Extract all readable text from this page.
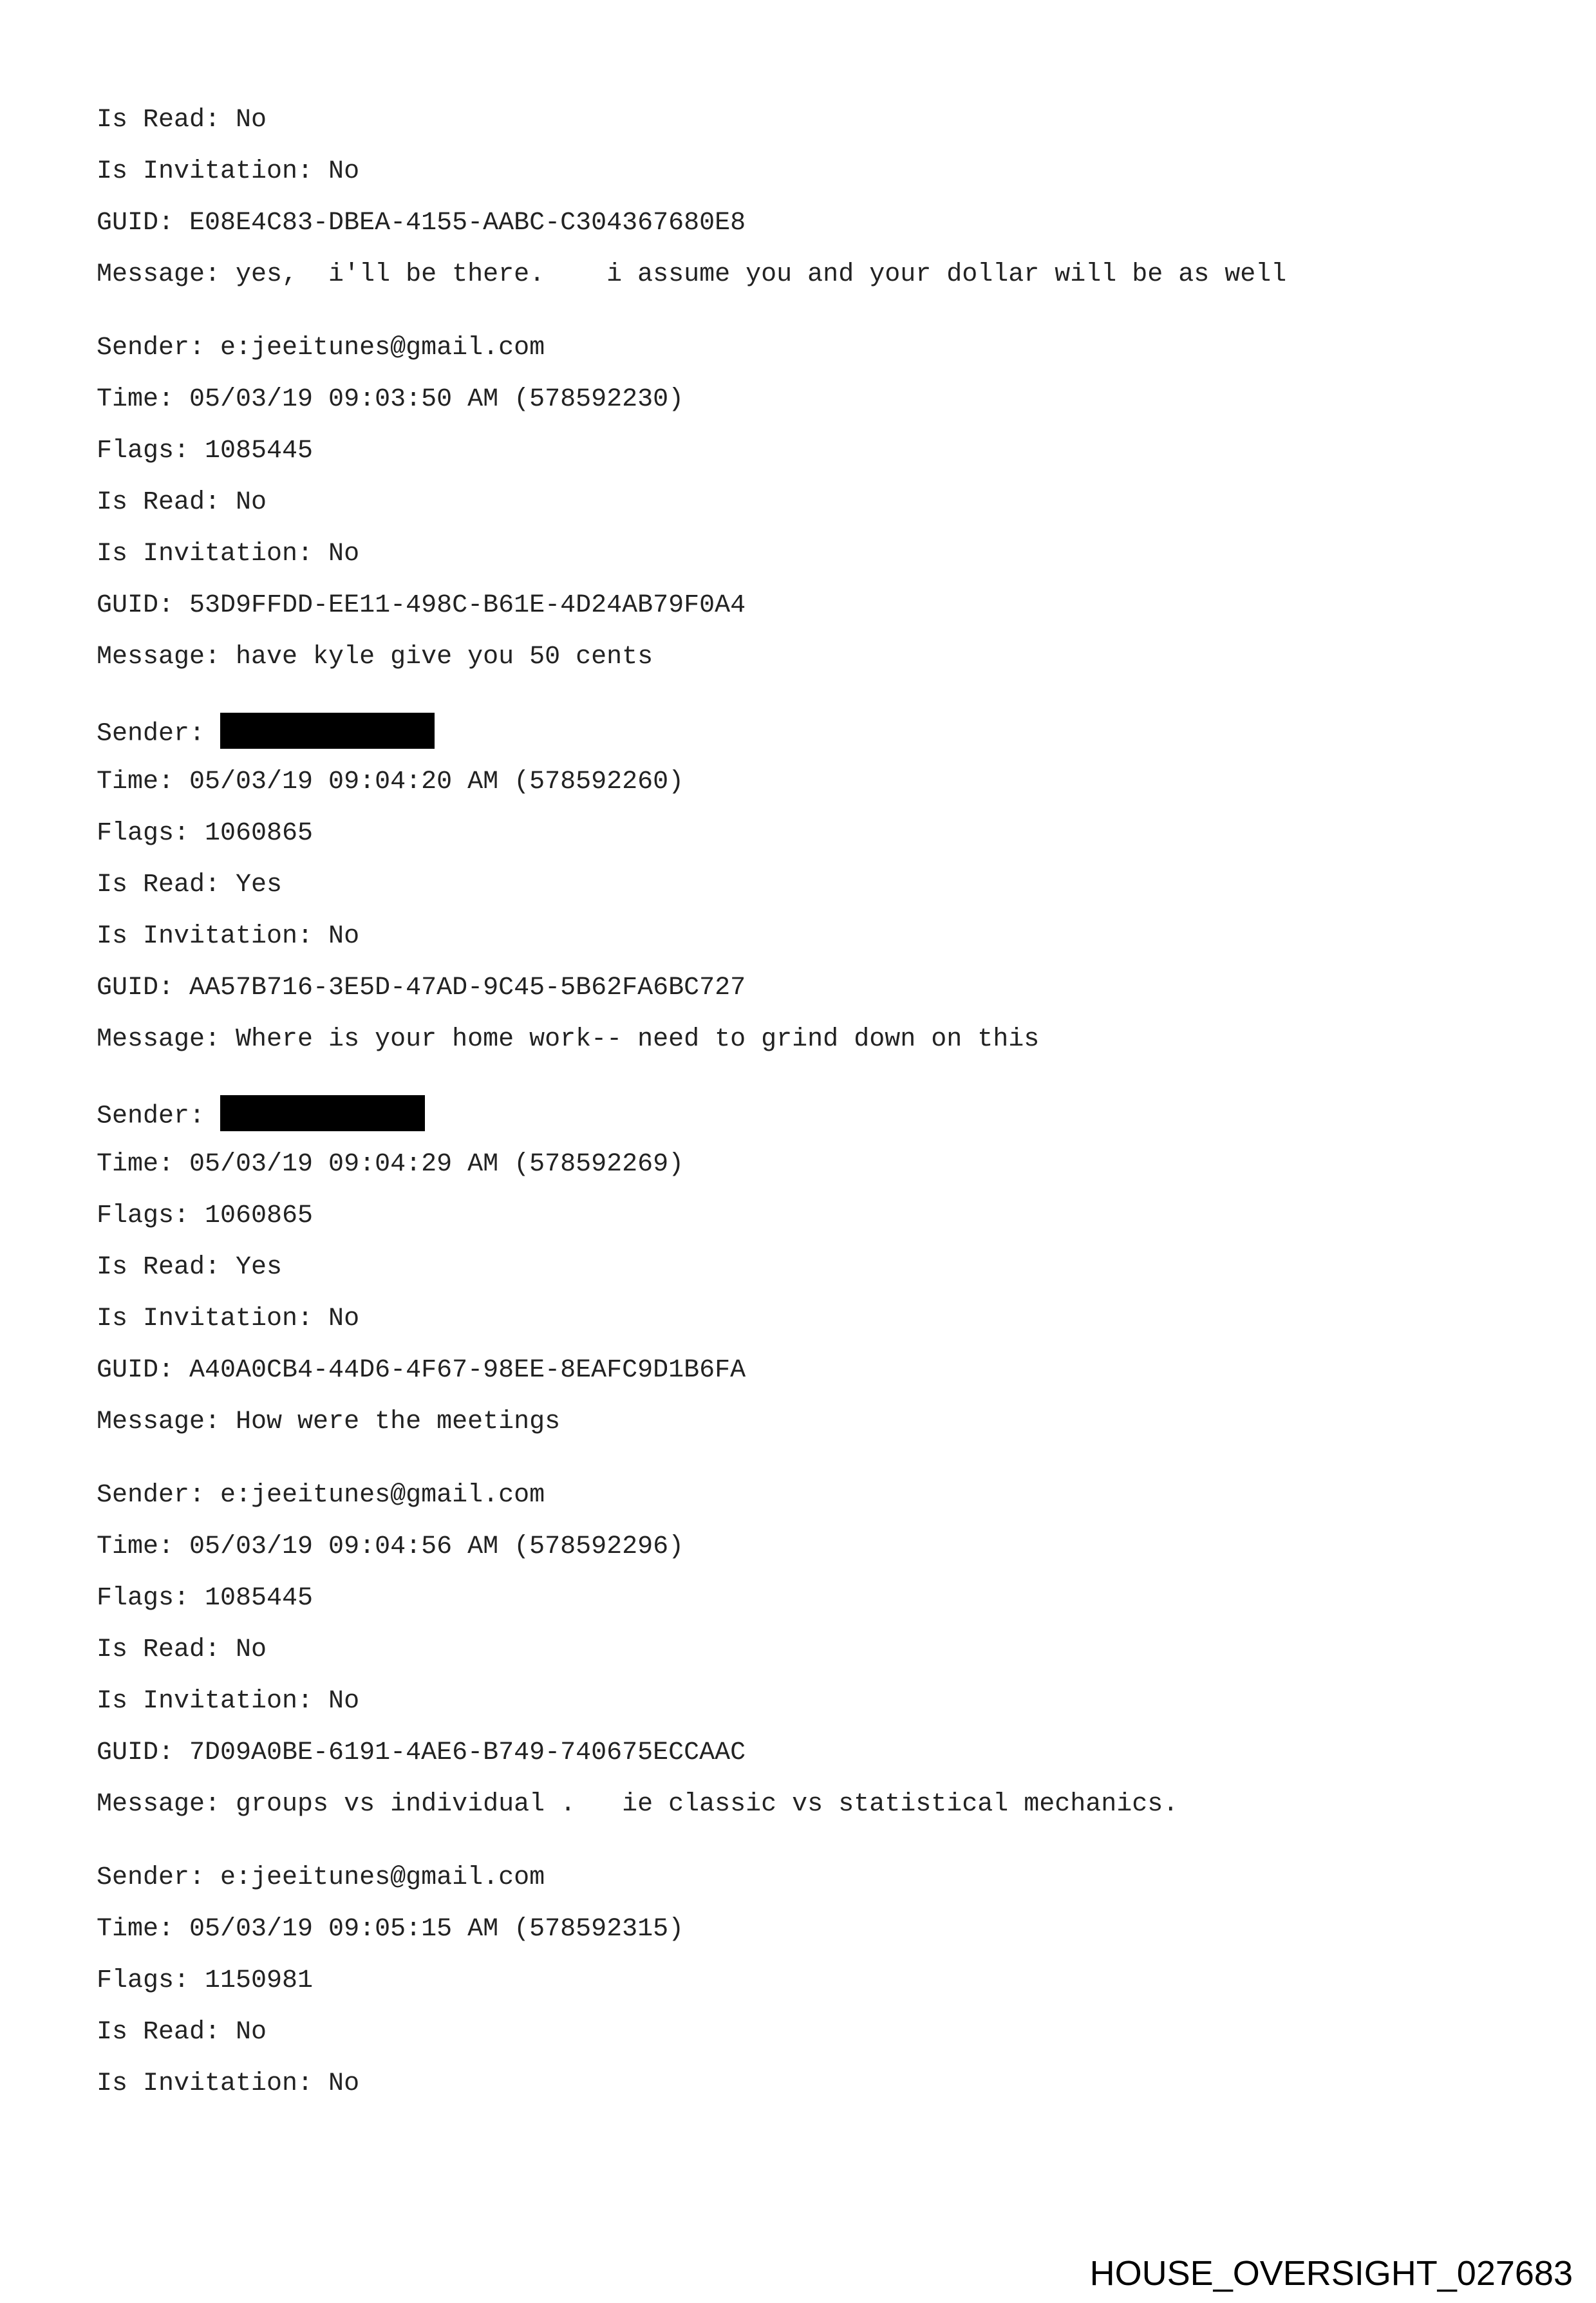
Is Read: No

Is Invitation: No

GUID: E08E4C83-DBEA-4155-AABC-C304367680E8

Message: yes,  i'll be there.    i assume you and your dollar will be as well

Sender: e:jeeitunes@gmail.com

Time: 05/03/19 09:03:50 AM (578592230)

Flags: 1085445

Is Read: No

Is Invitation: No

GUID: 53D9FFDD-EE11-498C-B61E-4D24AB79F0A4

Message: have kyle give you 50 cents

Sender:

Time: 05/03/19 09:04:20 AM (578592260)

Flags: 1060865

Is Read: Yes

Is Invitation: No

GUID: AA57B716-3E5D-47AD-9C45-5B62FA6BC727

Message: Where is your home work-- need to grind down on this

Sender:

Time: 05/03/19 09:04:29 AM (578592269)

Flags: 1060865

Is Read: Yes

Is Invitation: No

GUID: A40A0CB4-44D6-4F67-98EE-8EAFC9D1B6FA

Message: How were the meetings

Sender: e:jeeitunes@gmail.com

Time: 05/03/19 09:04:56 AM (578592296)

Flags: 1085445

Is Read: No

Is Invitation: No

GUID: 7D09A0BE-6191-4AE6-B749-740675ECCAAC

Message: groups vs individual .   ie classic vs statistical mechanics.

Sender: e:jeeitunes@gmail.com

Time: 05/03/19 09:05:15 AM (578592315)

Flags: 1150981

Is Read: No

Is Invitation: No

HOUSE_OVERSIGHT_027683
